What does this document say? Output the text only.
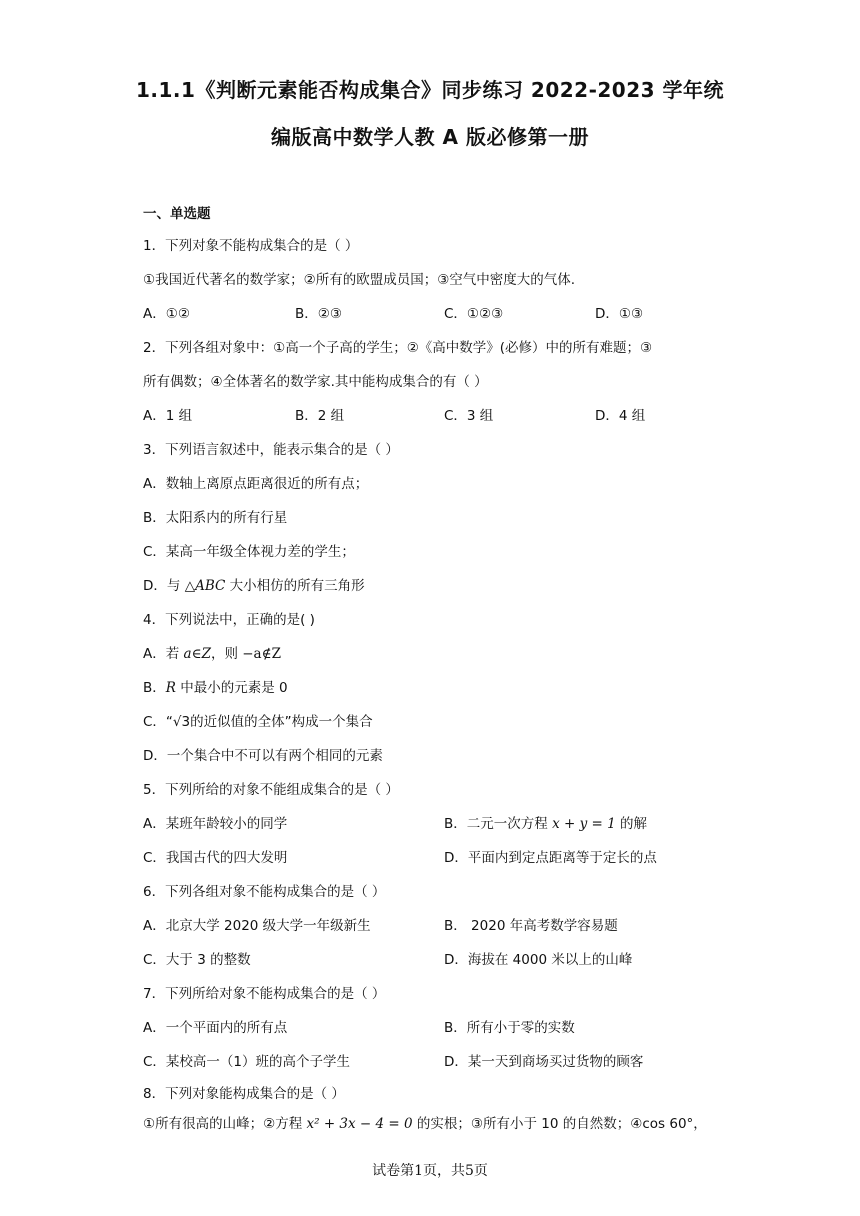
1.1.1《判断元素能否构成集合》同步练习 2022-2023 学年统
编版高中数学人教 A 版必修第一册
一、单选题
1．下列对象不能构成集合的是（ ）
①我国近代著名的数学家；②所有的欧盟成员国；③空气中密度大的气体.
A．①②	B．②③	C．①②③	D．①③
2．下列各组对象中：①高一个子高的学生；②《高中数学》(必修）中的所有难题；③
所有偶数；④全体著名的数学家.其中能构成集合的有（ ）
A．1 组	B．2 组	C．3 组	D．4 组
3．下列语言叙述中，能表示集合的是（ ）
A．数轴上离原点距离很近的所有点；
B．太阳系内的所有行星
C．某高一年级全体视力差的学生；
D．与 △ABC 大小相仿的所有三角形
4．下列说法中，正确的是( )
A．若 a∈Z，则 −a∉Z
B．R 中最小的元素是 0
C．“√3的近似值的全体”构成一个集合
D．一个集合中不可以有两个相同的元素
5．下列所给的对象不能组成集合的是（ ）
A．某班年龄较小的同学	B．二元一次方程 x + y = 1 的解
C．我国古代的四大发明	D．平面内到定点距离等于定长的点
6．下列各组对象不能构成集合的是（ ）
A．北京大学 2020 级大学一年级新生	B． 2020 年高考数学容易题
C．大于 3 的整数	D．海拔在 4000 米以上的山峰
7．下列所给对象不能构成集合的是（ ）
A．一个平面内的所有点	B．所有小于零的实数
C．某校高一（1）班的高个子学生	D．某一天到商场买过货物的顾客
8．下列对象能构成集合的是（ ）
①所有很高的山峰；②方程 x² + 3x − 4 = 0 的实根；③所有小于 10 的自然数；④cos 60°，
试卷第1页，共5页
